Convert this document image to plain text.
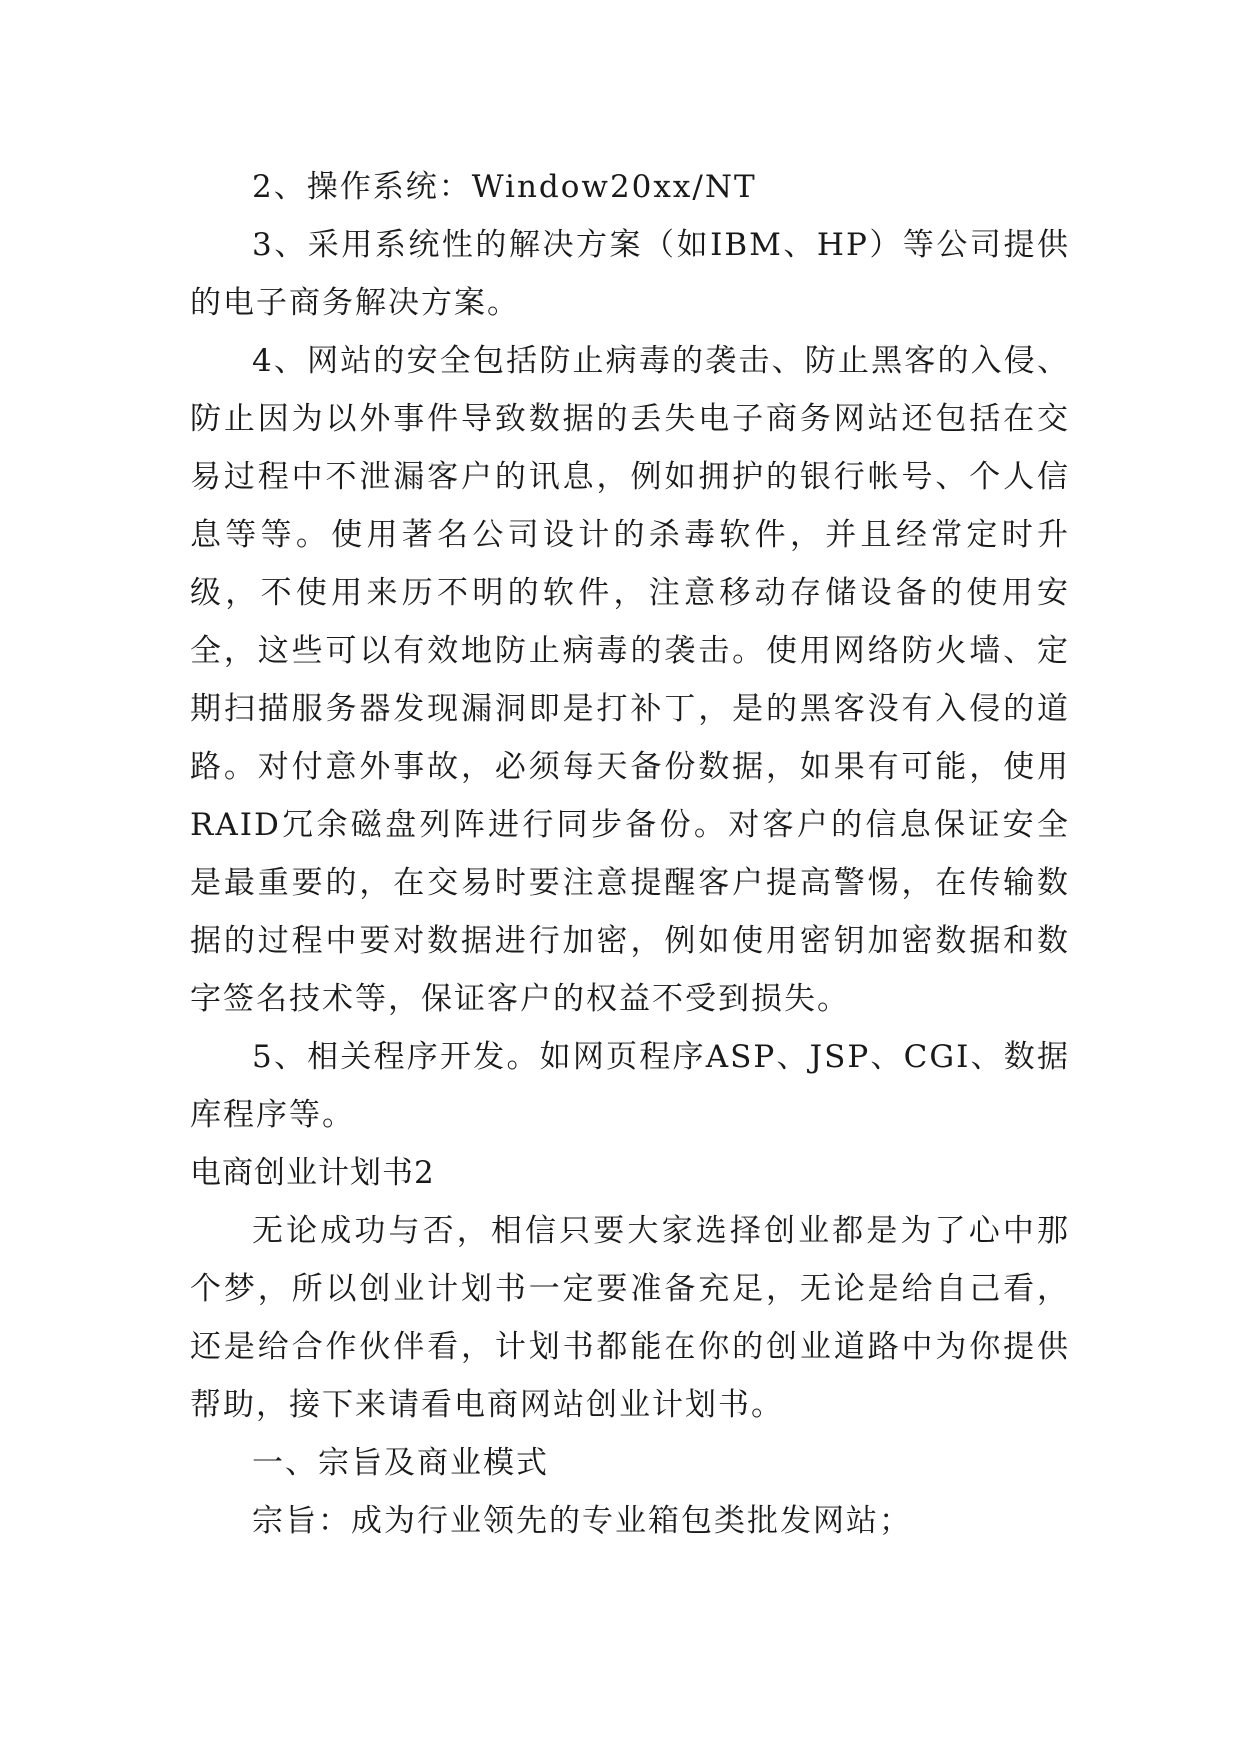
2、操作系统：Window20xx/NT

3、采用系统性的解决方案（如IBM、HP）等公司提供的电子商务解决方案。

4、网站的安全包括防止病毒的袭击、防止黑客的入侵、防止因为以外事件导致数据的丢失电子商务网站还包括在交易过程中不泄漏客户的讯息，例如拥护的银行帐号、个人信息等等。使用著名公司设计的杀毒软件，并且经常定时升级，不使用来历不明的软件，注意移动存储设备的使用安全，这些可以有效地防止病毒的袭击。使用网络防火墙、定期扫描服务器发现漏洞即是打补丁，是的黑客没有入侵的道路。对付意外事故，必须每天备份数据，如果有可能，使用RAID冗余磁盘列阵进行同步备份。对客户的信息保证安全是最重要的，在交易时要注意提醒客户提高警惕，在传输数据的过程中要对数据进行加密，例如使用密钥加密数据和数字签名技术等，保证客户的权益不受到损失。

5、相关程序开发。如网页程序ASP、JSP、CGI、数据库程序等。

电商创业计划书2

无论成功与否，相信只要大家选择创业都是为了心中那个梦，所以创业计划书一定要准备充足，无论是给自己看，还是给合作伙伴看，计划书都能在你的创业道路中为你提供帮助，接下来请看电商网站创业计划书。

一、宗旨及商业模式

宗旨：成为行业领先的专业箱包类批发网站；
